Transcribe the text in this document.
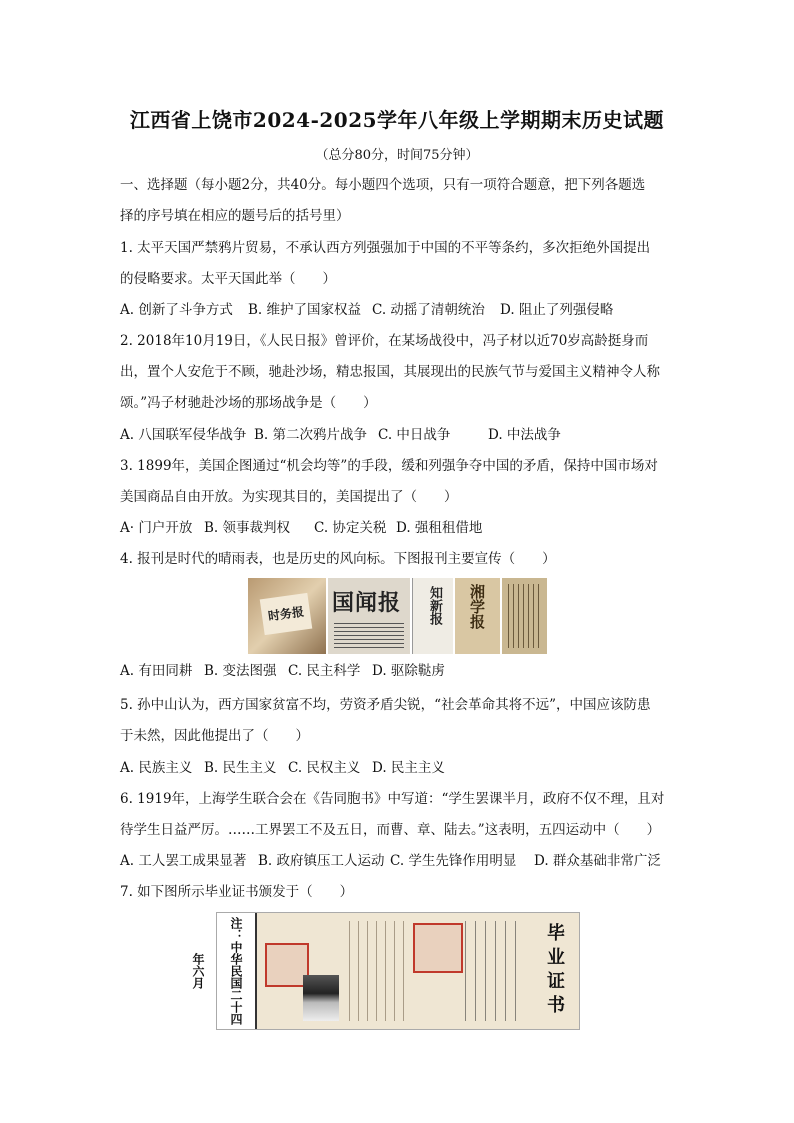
江西省上饶市2024-2025学年八年级上学期期末历史试题
（总分80分，时间75分钟）
一、选择题（每小题2分，共40分。每小题四个选项，只有一项符合题意，把下列各题选
择的序号填在相应的题号后的括号里）
1. 太平天国严禁鸦片贸易，不承认西方列强强加于中国的不平等条约，多次拒绝外国提出
的侵略要求。太平天国此举（　　）
A. 创新了斗争方式 B. 维护了国家权益 C. 动摇了清朝统治 D. 阻止了列强侵略
2. 2018年10月19日，《人民日报》曾评价，在某场战役中，冯子材以近70岁高龄挺身而
出，置个人安危于不顾，驰赴沙场，精忠报国，其展现出的民族气节与爱国主义精神令人称
颂。”冯子材驰赴沙场的那场战争是（　　）
A. 八国联军侵华战争 B. 第二次鸦片战争 C. 中日战争	D. 中法战争
3. 1899年，美国企图通过“机会均等”的手段，缓和列强争夺中国的矛盾，保持中国市场对
美国商品自由开放。为实现其目的，美国提出了（　　）
A· 门户开放 B. 领事裁判权 C. 协定关税 D. 强租租借地
4. 报刊是时代的晴雨表，也是历史的风向标。下图报刊主要宣传（　　）
时务报	国闻报 知新报 湘学报
A. 有田同耕 B. 变法图强 C. 民主科学 D. 驱除鞑虏
5. 孙中山认为，西方国家贫富不均，劳资矛盾尖锐，“社会革命其将不远”，中国应该防患
于未然，因此他提出了（　　）
A. 民族主义 B. 民生主义 C. 民权主义 D. 民主主义
6. 1919年，上海学生联合会在《告同胞书》中写道：“学生罢课半月，政府不仅不理，且对
待学生日益严厉。……工界罢工不及五日，而曹、章、陆去。”这表明，五四运动中（　　）
A. 工人罢工成果显著 B. 政府镇压工人运动 C. 学生先锋作用明显 D. 群众基础非常广泛
7. 如下图所示毕业证书颁发于（　　）
注：中华民国二十四年六月	毕业证书
